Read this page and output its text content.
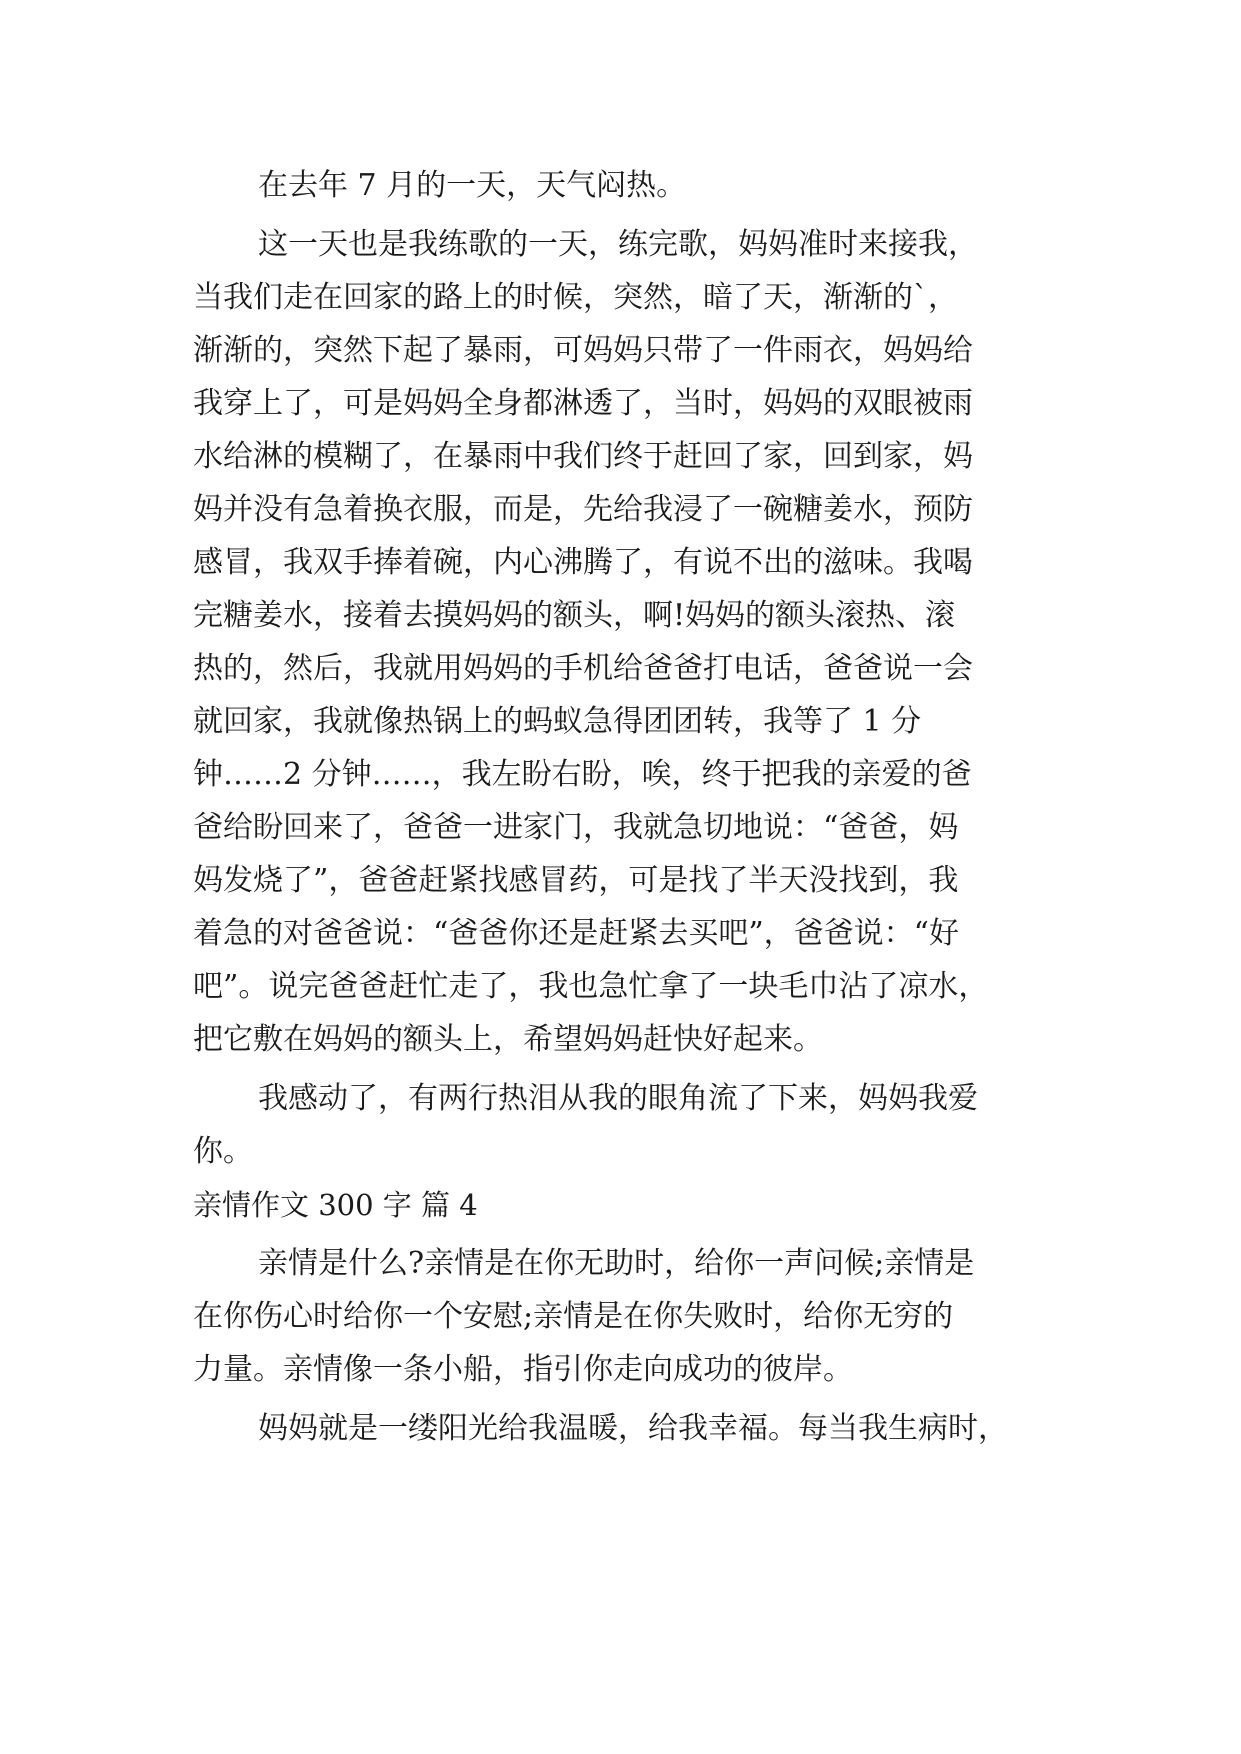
在去年 7 月的一天，天气闷热。
这一天也是我练歌的一天，练完歌，妈妈准时来接我，
当我们走在回家的路上的时候，突然，暗了天，渐渐的`，
渐渐的，突然下起了暴雨，可妈妈只带了一件雨衣，妈妈给
我穿上了，可是妈妈全身都淋透了，当时，妈妈的双眼被雨
水给淋的模糊了，在暴雨中我们终于赶回了家，回到家，妈
妈并没有急着换衣服，而是，先给我浸了一碗糖姜水，预防
感冒，我双手捧着碗，内心沸腾了，有说不出的滋味。我喝
完糖姜水，接着去摸妈妈的额头，啊!妈妈的额头滚热、滚
热的，然后，我就用妈妈的手机给爸爸打电话，爸爸说一会
就回家，我就像热锅上的蚂蚁急得团团转，我等了 1 分
钟……2 分钟……，我左盼右盼，唉，终于把我的亲爱的爸
爸给盼回来了，爸爸一进家门，我就急切地说：“爸爸，妈
妈发烧了”，爸爸赶紧找感冒药，可是找了半天没找到，我
着急的对爸爸说：“爸爸你还是赶紧去买吧”，爸爸说：“好
吧”。说完爸爸赶忙走了，我也急忙拿了一块毛巾沾了凉水，
把它敷在妈妈的额头上，希望妈妈赶快好起来。
我感动了，有两行热泪从我的眼角流了下来，妈妈我爱
你。
亲情作文 300 字 篇 4
亲情是什么?亲情是在你无助时，给你一声问候;亲情是
在你伤心时给你一个安慰;亲情是在你失败时，给你无穷的
力量。亲情像一条小船，指引你走向成功的彼岸。
妈妈就是一缕阳光给我温暖，给我幸福。每当我生病时，
